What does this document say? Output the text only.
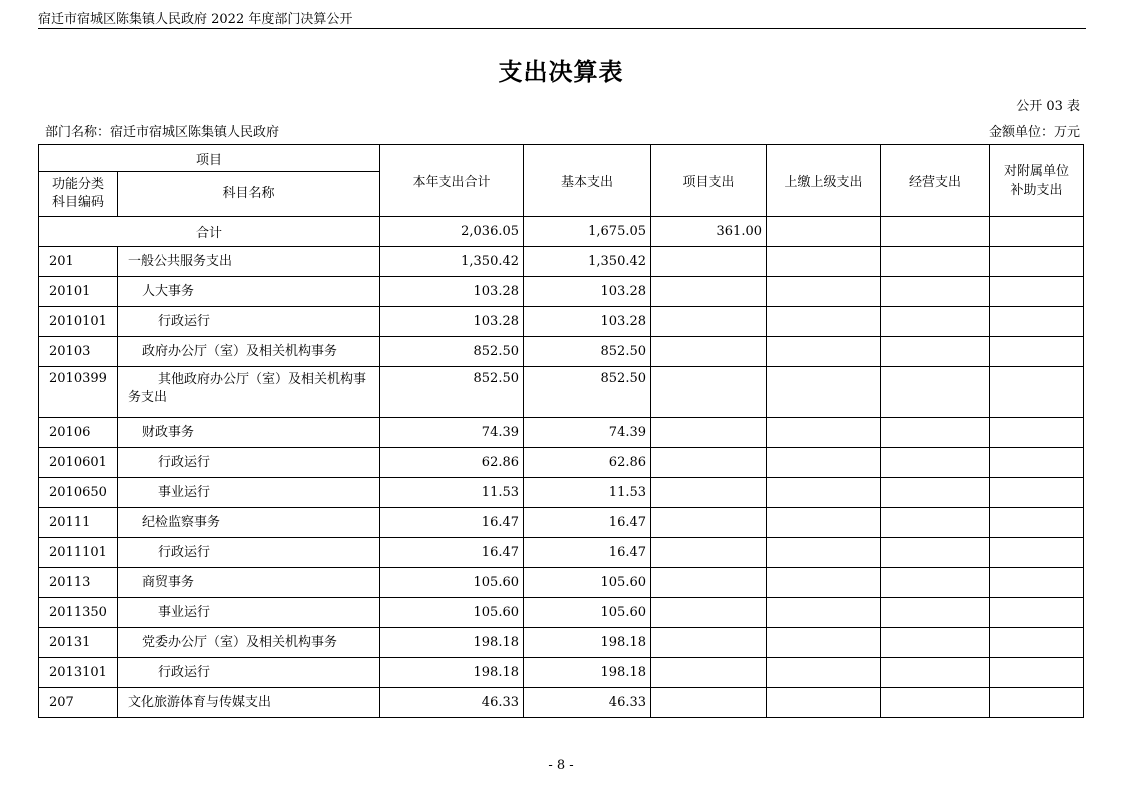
宿迁市宿城区陈集镇人民政府 2022 年度部门决算公开
支出决算表
公开 03 表
部门名称：宿迁市宿城区陈集镇人民政府	金额单位：万元
项目		本年支出合计	基本支出	项目支出	上缴上级支出	经营支出	对附属单位补助支出
功能分类科目编码	科目名称						
合计		2,036.05	1,675.05	361.00			
201	一般公共服务支出	1,350.42	1,350.42				
20101	人大事务	103.28	103.28				
2010101	行政运行	103.28	103.28				
20103	政府办公厅（室）及相关机构事务	852.50	852.50				
2010399	其他政府办公厅（室）及相关机构事务支出	852.50	852.50				
20106	财政事务	74.39	74.39				
2010601	行政运行	62.86	62.86				
2010650	事业运行	11.53	11.53				
20111	纪检监察事务	16.47	16.47				
2011101	行政运行	16.47	16.47				
20113	商贸事务	105.60	105.60				
2011350	事业运行	105.60	105.60				
20131	党委办公厅（室）及相关机构事务	198.18	198.18				
2013101	行政运行	198.18	198.18				
207	文化旅游体育与传媒支出	46.33	46.33				
- 8 -
